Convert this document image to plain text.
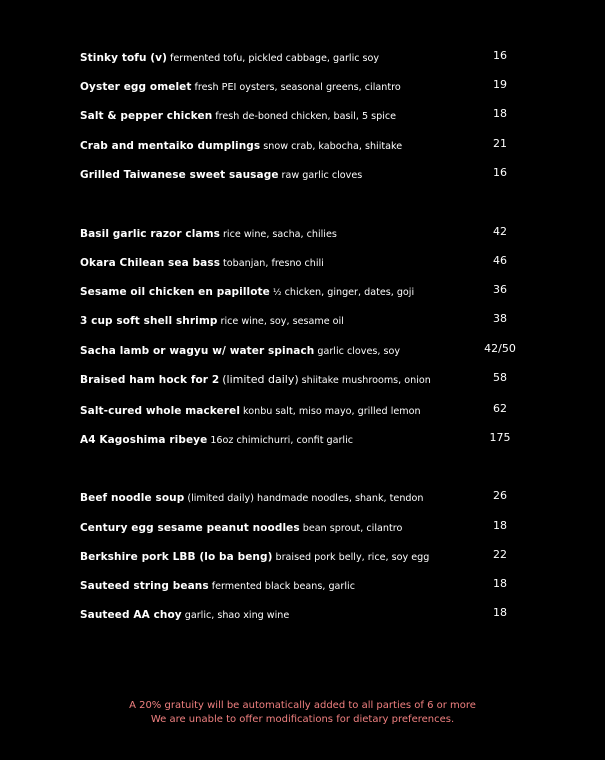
Stinky tofu (v) fermented tofu, pickled cabbage, garlic soy	16
Oyster egg omelet fresh PEI oysters, seasonal greens, cilantro	19
Salt & pepper chicken fresh de-boned chicken, basil, 5 spice	18
Crab and mentaiko dumplings snow crab, kabocha, shiitake	21
Grilled Taiwanese sweet sausage raw garlic cloves	16
Basil garlic razor clams rice wine, sacha, chilies	42
Okara Chilean sea bass tobanjan, fresno chili	46
Sesame oil chicken en papillote ½ chicken, ginger, dates, goji	36
3 cup soft shell shrimp rice wine, soy, sesame oil	38
Sacha lamb or wagyu w/ water spinach garlic cloves, soy	42/50
Braised ham hock for 2 (limited daily) shiitake mushrooms, onion	58
Salt-cured whole mackerel konbu salt, miso mayo, grilled lemon	62
A4 Kagoshima ribeye 16oz chimichurri, confit garlic	175
Beef noodle soup (limited daily) handmade noodles, shank, tendon	26
Century egg sesame peanut noodles bean sprout, cilantro	18
Berkshire pork LBB (lo ba beng) braised pork belly, rice, soy egg	22
Sauteed string beans fermented black beans, garlic	18
Sauteed AA choy garlic, shao xing wine	18
A 20% gratuity will be automatically added to all parties of 6 or more
We are unable to offer modifications for dietary preferences.
